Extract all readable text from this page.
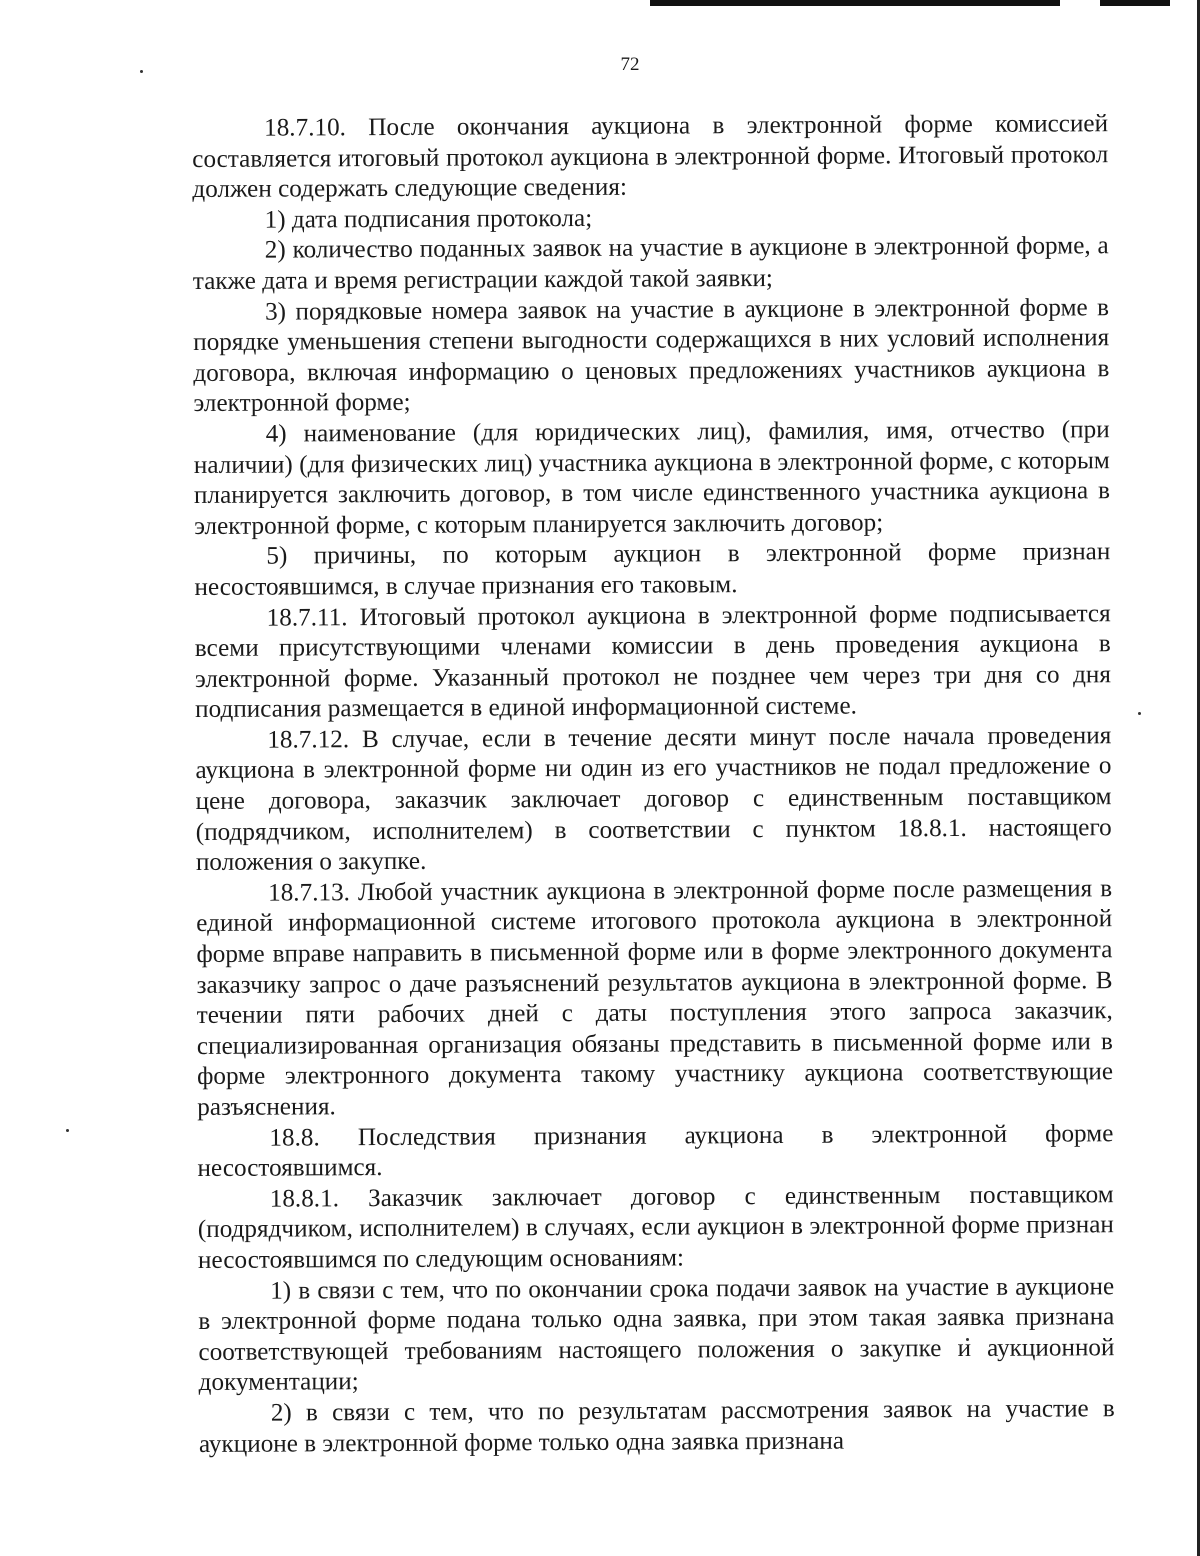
72

18.7.10. После окончания аукциона в электронной форме комиссией составляется итоговый протокол аукциона в электронной форме. Итоговый протокол должен содержать следующие сведения:

1) дата подписания протокола;

2) количество поданных заявок на участие в аукционе в электронной форме, а также дата и время регистрации каждой такой заявки;

3) порядковые номера заявок на участие в аукционе в электронной форме в порядке уменьшения степени выгодности содержащихся в них условий исполнения договора, включая информацию о ценовых предложениях участников аукциона в электронной форме;

4) наименование (для юридических лиц), фамилия, имя, отчество (при наличии) (для физических лиц) участника аукциона в электронной форме, с которым планируется заключить договор, в том числе единственного участника аукциона в электронной форме, с которым планируется заключить договор;

5) причины, по которым аукцион в электронной форме признан несостоявшимся, в случае признания его таковым.

18.7.11. Итоговый протокол аукциона в электронной форме подписывается всеми присутствующими членами комиссии в день проведения аукциона в электронной форме. Указанный протокол не позднее чем через три дня со дня подписания размещается в единой информационной системе.

18.7.12. В случае, если в течение десяти минут после начала проведения аукциона в электронной форме ни один из его участников не подал предложение о цене договора, заказчик заключает договор с единственным поставщиком (подрядчиком, исполнителем) в соответствии с пунктом 18.8.1. настоящего положения о закупке.

18.7.13. Любой участник аукциона в электронной форме после размещения в единой информационной системе итогового протокола аукциона в электронной форме вправе направить в письменной форме или в форме электронного документа заказчику запрос о даче разъяснений результатов аукциона в электронной форме. В течении пяти рабочих дней с даты поступления этого запроса заказчик, специализированная организация обязаны представить в письменной форме или в форме электронного документа такому участнику аукциона соответствующие разъяснения.

18.8. Последствия признания аукциона в электронной форме несостоявшимся.

18.8.1. Заказчик заключает договор с единственным поставщиком (подрядчиком, исполнителем) в случаях, если аукцион в электронной форме признан несостоявшимся по следующим основаниям:

1) в связи с тем, что по окончании срока подачи заявок на участие в аукционе в электронной форме подана только одна заявка, при этом такая заявка признана соответствующей требованиям настоящего положения о закупке и аукционной документации;

2) в связи с тем, что по результатам рассмотрения заявок на участие в аукционе в электронной форме только одна заявка признана
